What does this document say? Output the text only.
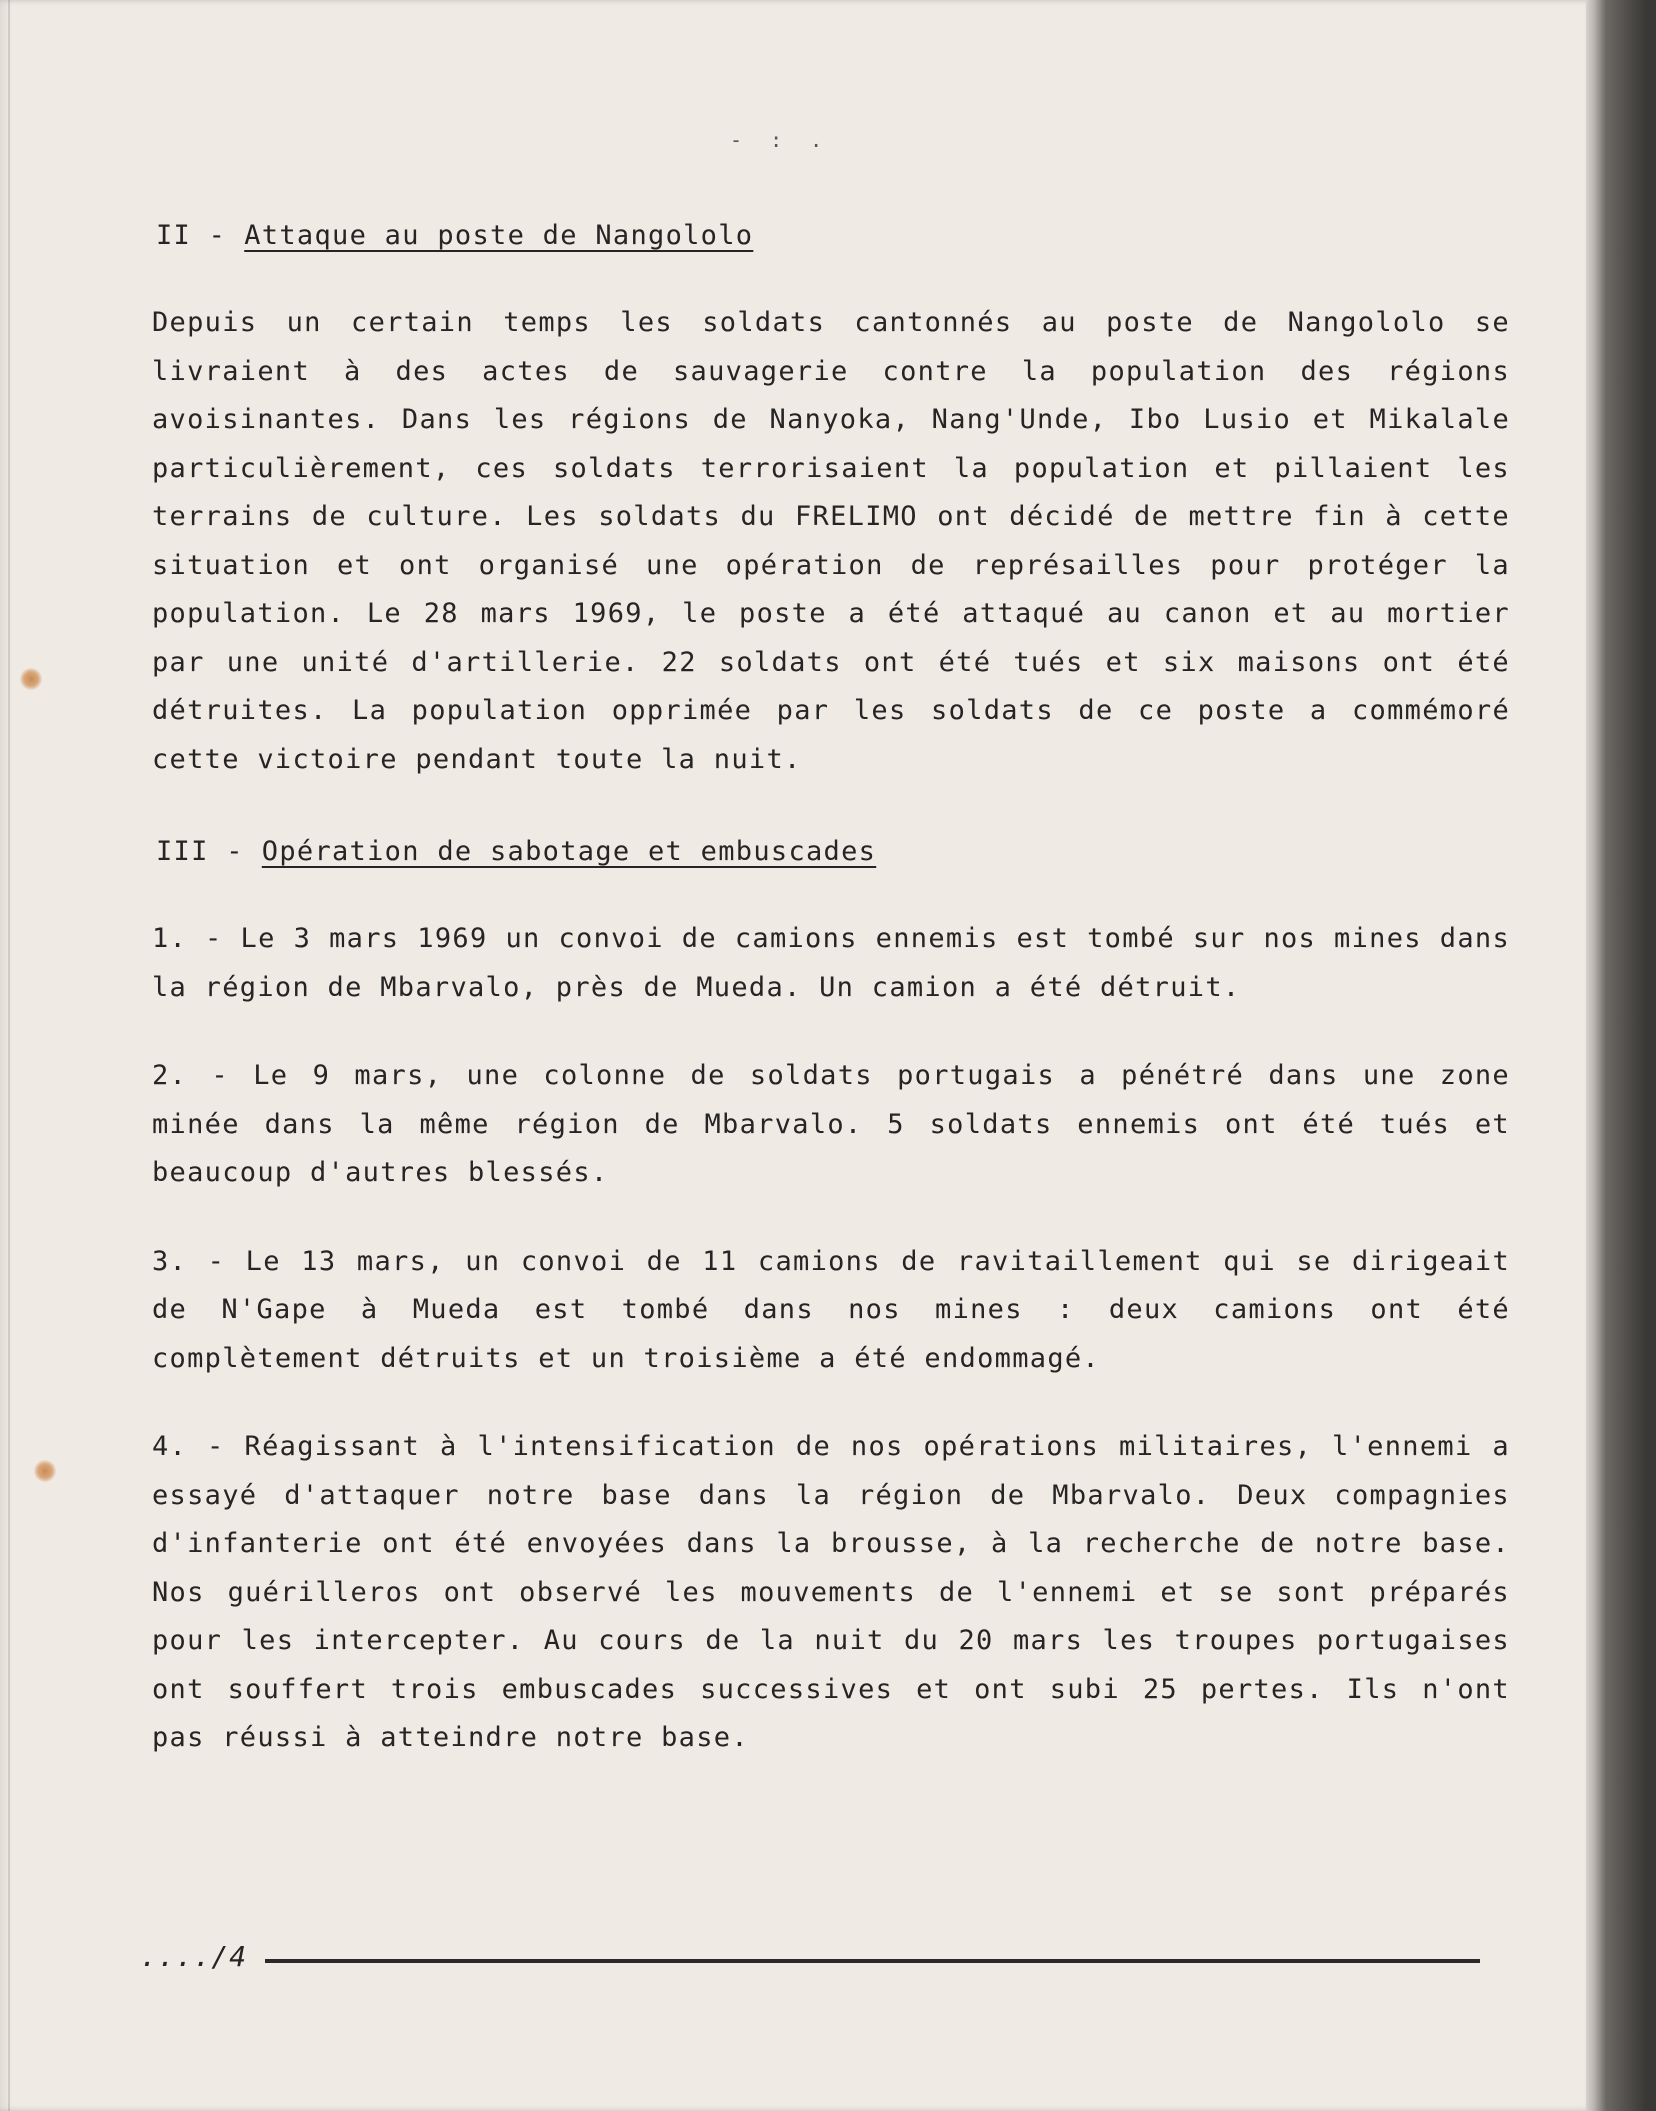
- : .
II - Attaque au poste de Nangololo

Depuis un certain temps les soldats cantonnés au poste de Nangololo se livraient à des actes de sauvagerie contre la population des régions avoisinantes. Dans les régions de Nanyoka, Nang'Unde, Ibo Lusio et Mikalale particulièrement, ces soldats terrorisaient la population et pillaient les terrains de culture. Les soldats du FRELIMO ont décidé de mettre fin à cette situation et ont organisé une opération de représailles pour protéger la population. Le 28 mars 1969, le poste a été attaqué au canon et au mortier par une unité d'artillerie. 22 soldats ont été tués et six maisons ont été détruites. La population opprimée par les soldats de ce poste a commémoré cette victoire pendant toute la nuit.

III - Opération de sabotage et embuscades

1. - Le 3 mars 1969 un convoi de camions ennemis est tombé sur nos mines dans la région de Mbarvalo, près de Mueda. Un camion a été détruit.

2. - Le 9 mars, une colonne de soldats portugais a pénétré dans une zone minée dans la même région de Mbarvalo. 5 soldats ennemis ont été tués et beaucoup d'autres blessés.

3. - Le 13 mars, un convoi de 11 camions de ravitaillement qui se dirigeait de N'Gape à Mueda est tombé dans nos mines : deux camions ont été complètement détruits et un troisième a été endommagé.

4. - Réagissant à l'intensification de nos opérations militaires, l'ennemi a essayé d'attaquer notre base dans la région de Mbarvalo. Deux compagnies d'infanterie ont été envoyées dans la brousse, à la recherche de notre base. Nos guérilleros ont observé les mouvements de l'ennemi et se sont préparés pour les intercepter. Au cours de la nuit du 20 mars les troupes portugaises ont souffert trois embuscades successives et ont subi 25 pertes. Ils n'ont pas réussi à atteindre notre base.

..../4
